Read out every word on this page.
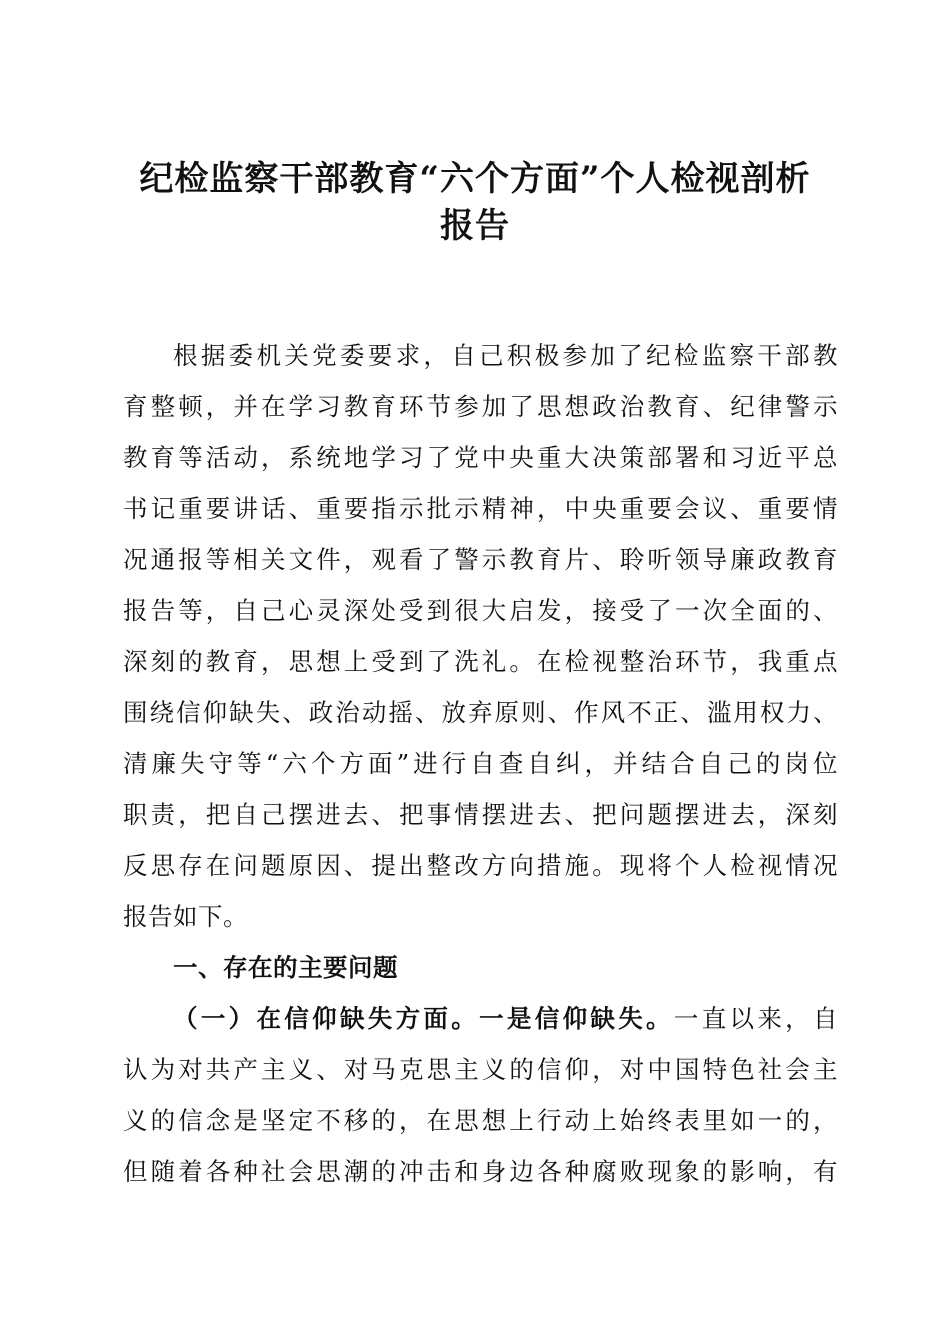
纪检监察干部教育“六个方面”个人检视剖析
报告
根据委机关党委要求，自己积极参加了纪检监察干部教
育整顿，并在学习教育环节参加了思想政治教育、纪律警示
教育等活动，系统地学习了党中央重大决策部署和习近平总
书记重要讲话、重要指示批示精神，中央重要会议、重要情
况通报等相关文件，观看了警示教育片、聆听领导廉政教育
报告等，自己心灵深处受到很大启发，接受了一次全面的、
深刻的教育，思想上受到了洗礼。在检视整治环节，我重点
围绕信仰缺失、政治动摇、放弃原则、作风不正、滥用权力、
清廉失守等“六个方面”进行自查自纠，并结合自己的岗位
职责，把自己摆进去、把事情摆进去、把问题摆进去，深刻
反思存在问题原因、提出整改方向措施。现将个人检视情况
报告如下。
一、存在的主要问题
（一）在信仰缺失方面。一是信仰缺失。一直以来，自
认为对共产主义、对马克思主义的信仰，对中国特色社会主
义的信念是坚定不移的，在思想上行动上始终表里如一的，
但随着各种社会思潮的冲击和身边各种腐败现象的影响，有
